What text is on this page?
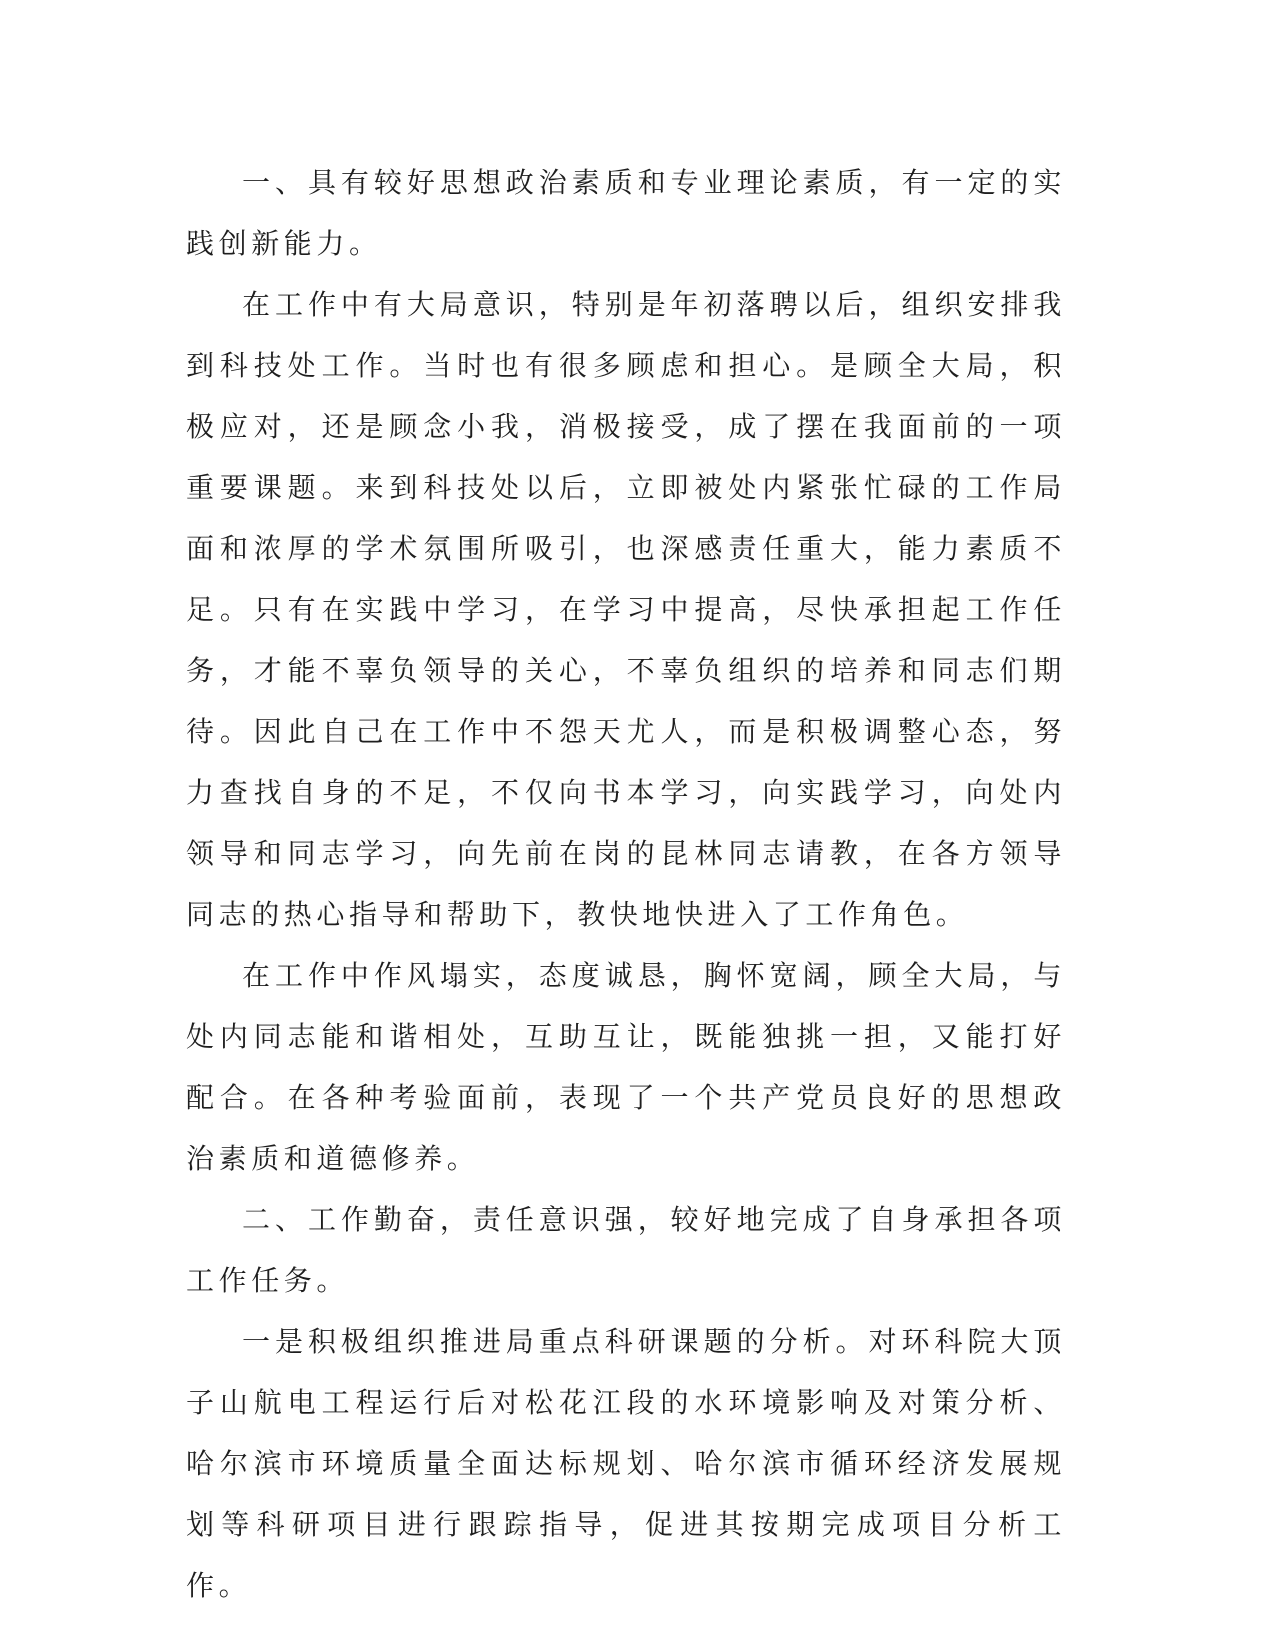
一、具有较好思想政治素质和专业理论素质，有一定的实践创新能力。

在工作中有大局意识，特别是年初落聘以后，组织安排我到科技处工作。当时也有很多顾虑和担心。是顾全大局，积极应对，还是顾念小我，消极接受，成了摆在我面前的一项重要课题。来到科技处以后，立即被处内紧张忙碌的工作局面和浓厚的学术氛围所吸引，也深感责任重大，能力素质不足。只有在实践中学习，在学习中提高，尽快承担起工作任务，才能不辜负领导的关心，不辜负组织的培养和同志们期待。因此自己在工作中不怨天尤人，而是积极调整心态，努力查找自身的不足，不仅向书本学习，向实践学习，向处内领导和同志学习，向先前在岗的昆林同志请教，在各方领导同志的热心指导和帮助下，教快地快进入了工作角色。

在工作中作风塌实，态度诚恳，胸怀宽阔，顾全大局，与处内同志能和谐相处，互助互让，既能独挑一担，又能打好配合。在各种考验面前，表现了一个共产党员良好的思想政治素质和道德修养。

二、工作勤奋，责任意识强，较好地完成了自身承担各项工作任务。

一是积极组织推进局重点科研课题的分析。对环科院大顶子山航电工程运行后对松花江段的水环境影响及对策分析、哈尔滨市环境质量全面达标规划、哈尔滨市循环经济发展规划等科研项目进行跟踪指导，促进其按期完成项目分析工作。
